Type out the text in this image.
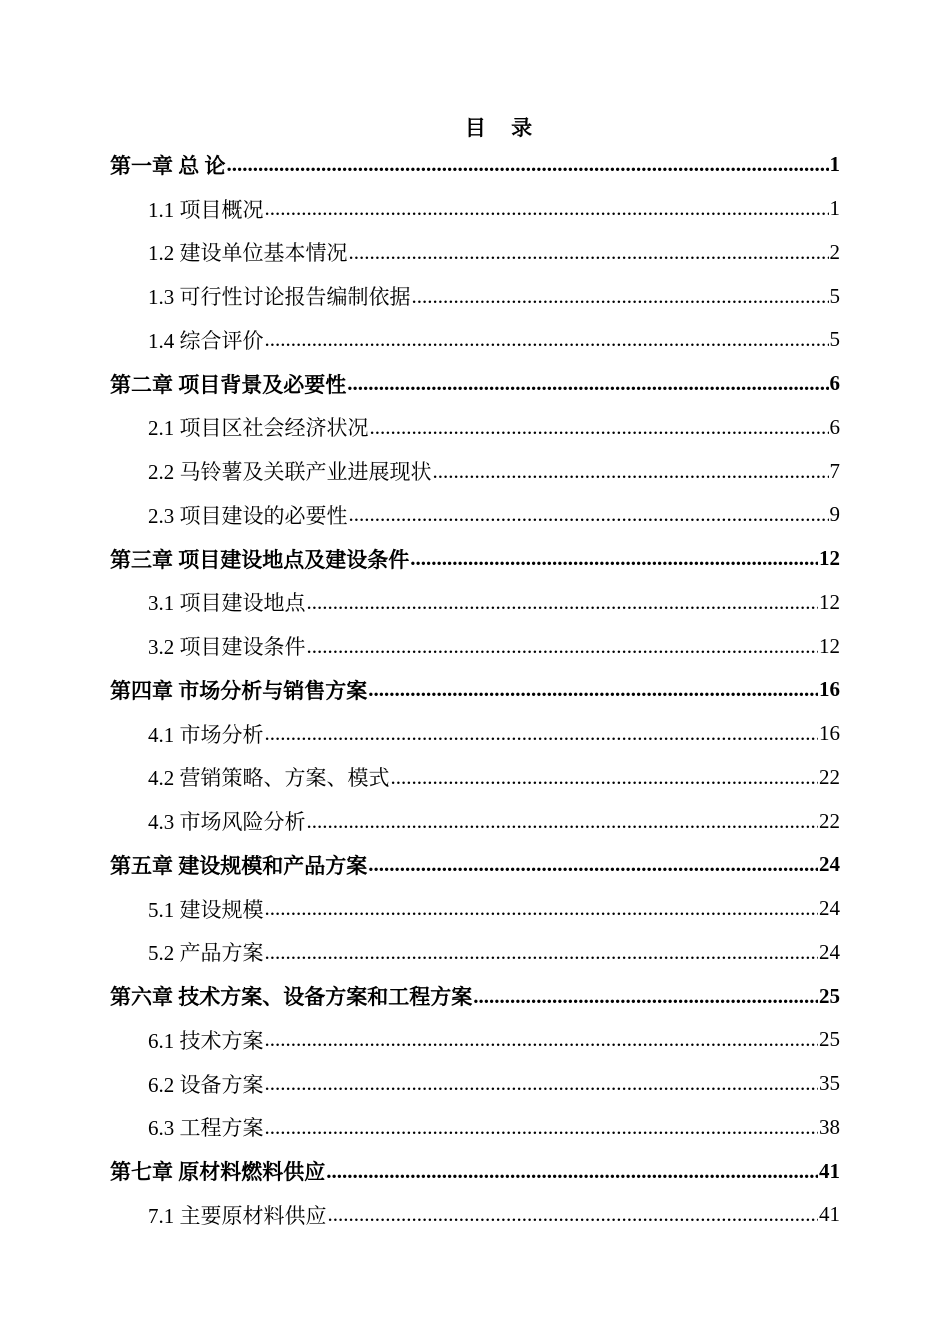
目 录
第一章 总 论 .....	1
1.1 项目概况 .....	1
1.2 建设单位基本情况 .....	2
1.3 可行性讨论报告编制依据 .....	5
1.4 综合评价 .....	5
第二章 项目背景及必要性 .....	6
2.1 项目区社会经济状况 .....	6
2.2 马铃薯及关联产业进展现状 .....	7
2.3 项目建设的必要性 .....	9
第三章 项目建设地点及建设条件 .....	12
3.1 项目建设地点 .....	12
3.2 项目建设条件 .....	12
第四章 市场分析与销售方案 .....	16
4.1 市场分析 .....	16
4.2 营销策略、方案、模式 .....	22
4.3 市场风险分析 .....	22
第五章 建设规模和产品方案 .....	24
5.1 建设规模 .....	24
5.2 产品方案 .....	24
第六章 技术方案、设备方案和工程方案 .....	25
6.1 技术方案 .....	25
6.2 设备方案 .....	35
6.3 工程方案 .....	38
第七章 原材料燃料供应 .....	41
7.1 主要原材料供应 .....	41
